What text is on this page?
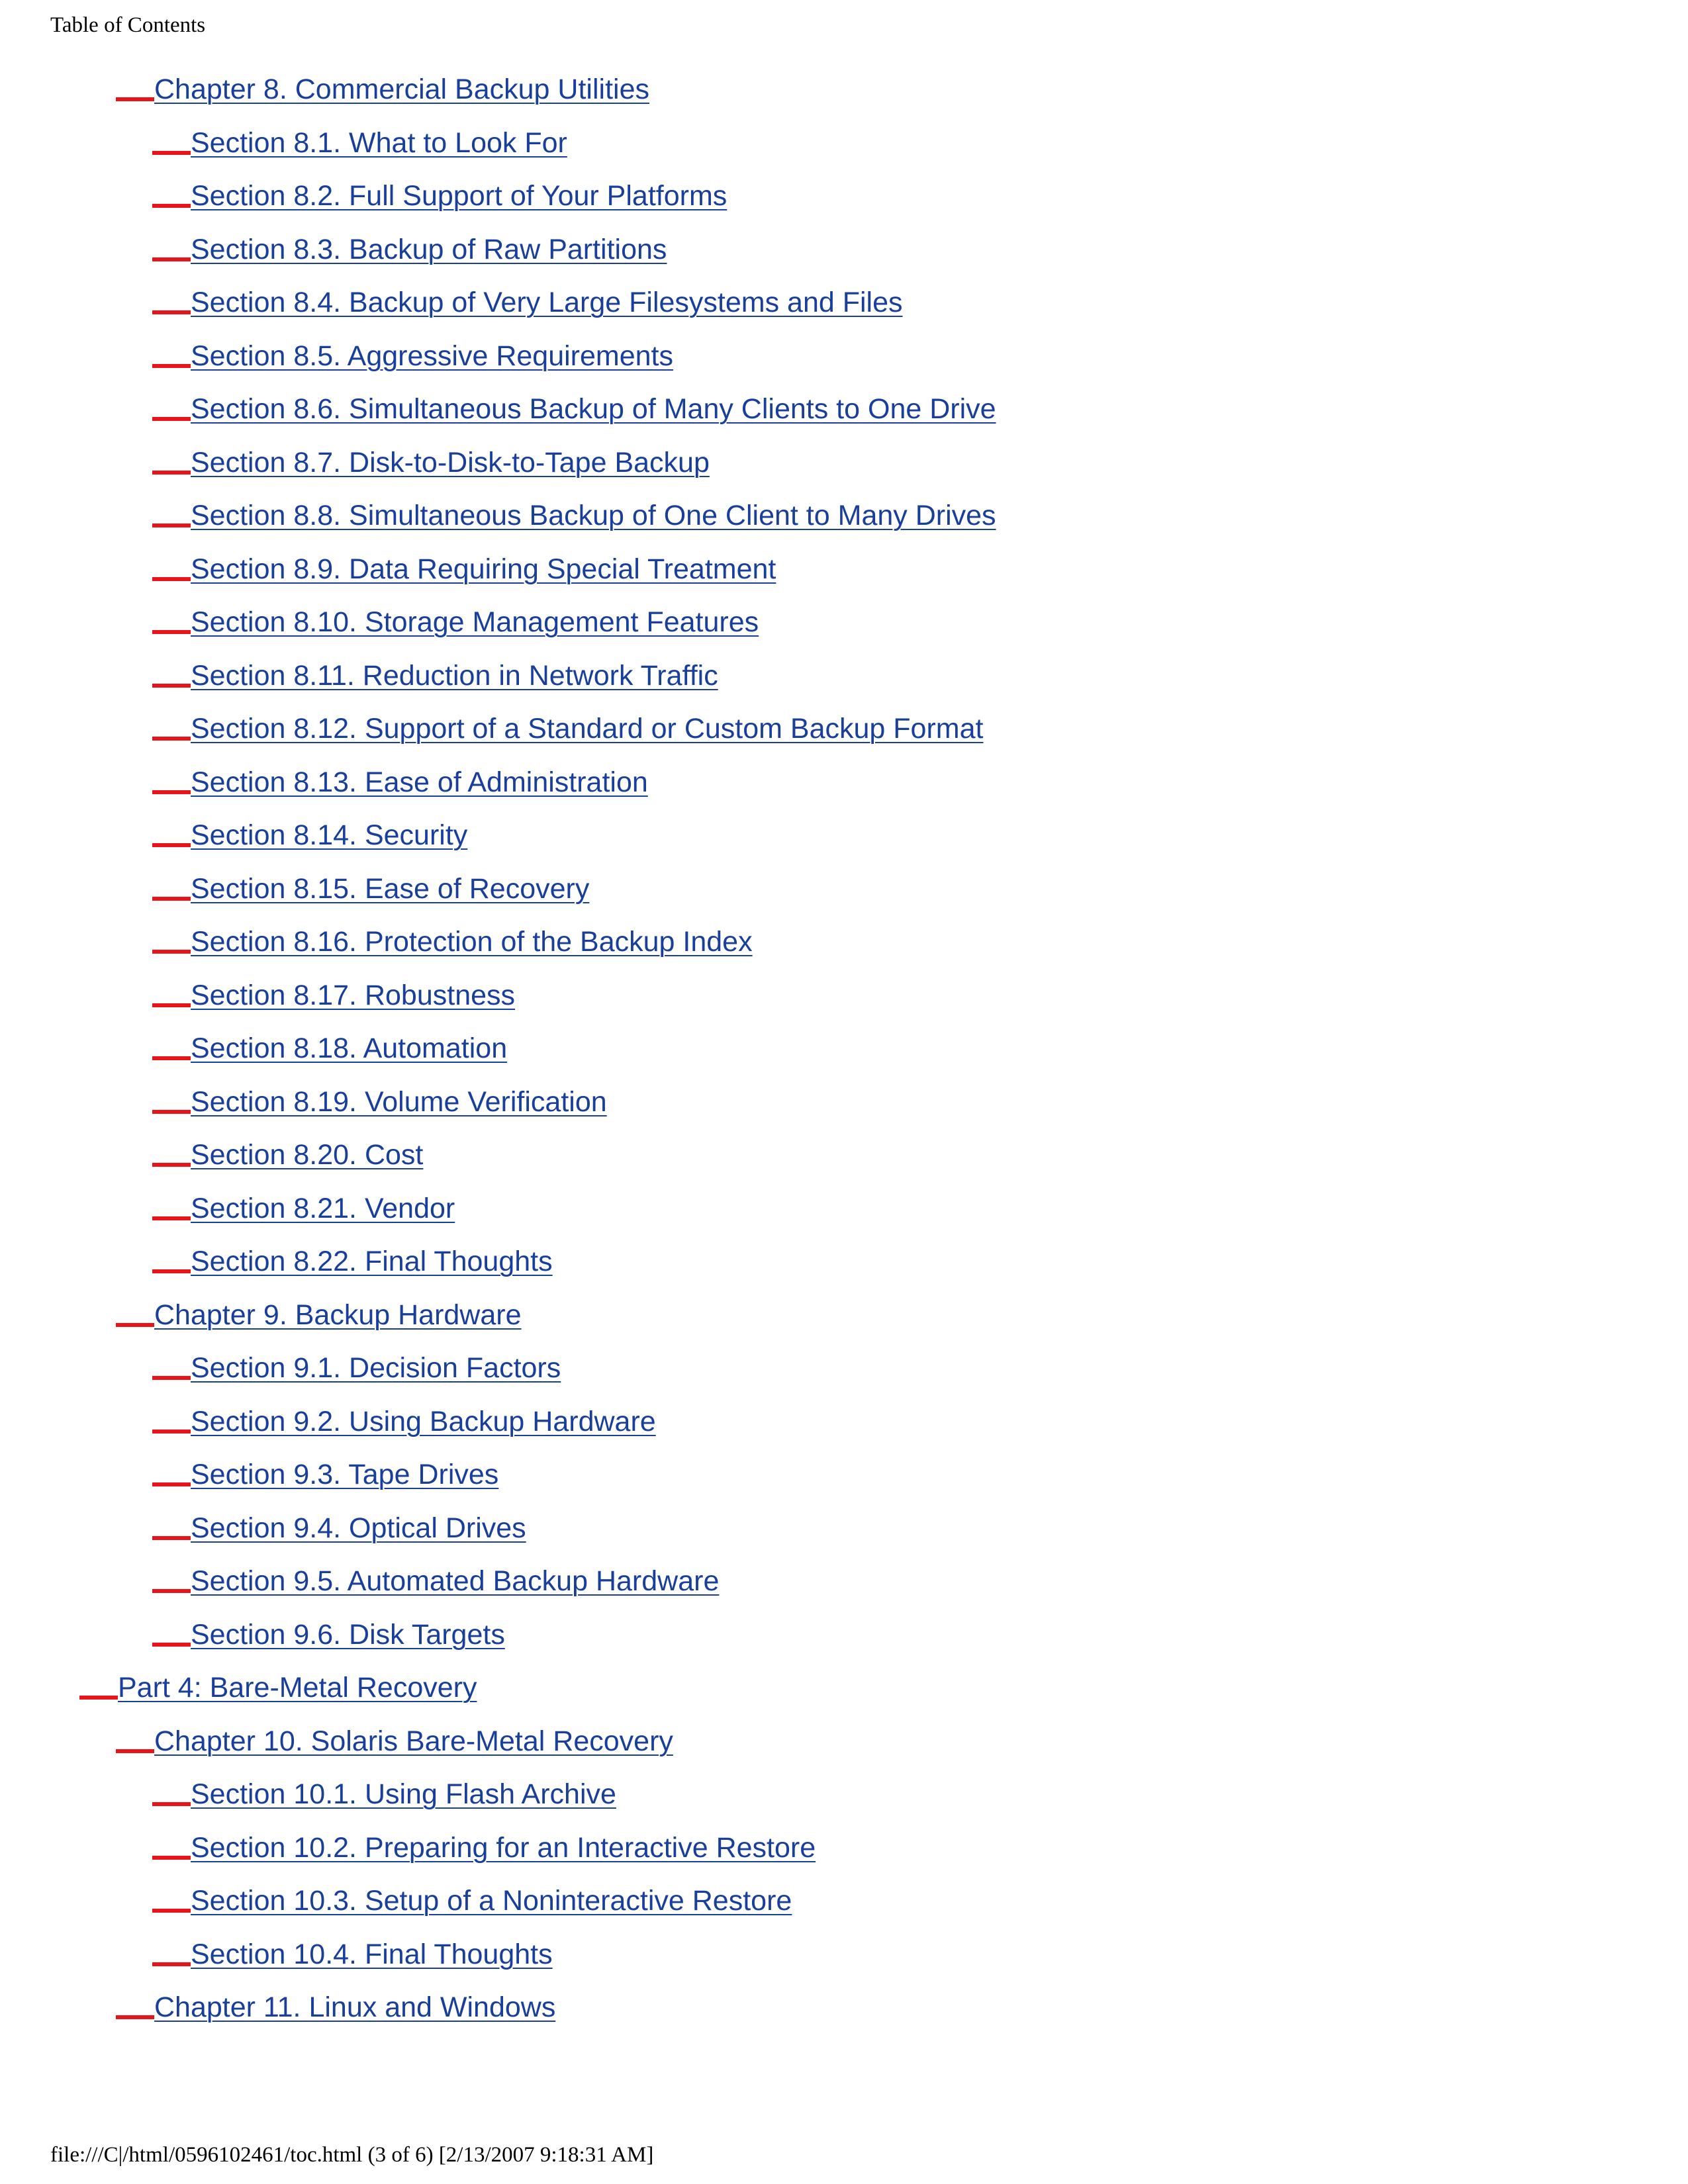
Table of Contents
Chapter 8. Commercial Backup Utilities
Section 8.1. What to Look For
Section 8.2. Full Support of Your Platforms
Section 8.3. Backup of Raw Partitions
Section 8.4. Backup of Very Large Filesystems and Files
Section 8.5. Aggressive Requirements
Section 8.6. Simultaneous Backup of Many Clients to One Drive
Section 8.7. Disk-to-Disk-to-Tape Backup
Section 8.8. Simultaneous Backup of One Client to Many Drives
Section 8.9. Data Requiring Special Treatment
Section 8.10. Storage Management Features
Section 8.11. Reduction in Network Traffic
Section 8.12. Support of a Standard or Custom Backup Format
Section 8.13. Ease of Administration
Section 8.14. Security
Section 8.15. Ease of Recovery
Section 8.16. Protection of the Backup Index
Section 8.17. Robustness
Section 8.18. Automation
Section 8.19. Volume Verification
Section 8.20. Cost
Section 8.21. Vendor
Section 8.22. Final Thoughts
Chapter 9. Backup Hardware
Section 9.1. Decision Factors
Section 9.2. Using Backup Hardware
Section 9.3. Tape Drives
Section 9.4. Optical Drives
Section 9.5. Automated Backup Hardware
Section 9.6. Disk Targets
Part 4: Bare-Metal Recovery
Chapter 10. Solaris Bare-Metal Recovery
Section 10.1. Using Flash Archive
Section 10.2. Preparing for an Interactive Restore
Section 10.3. Setup of a Noninteractive Restore
Section 10.4. Final Thoughts
Chapter 11. Linux and Windows
file:///C|/html/0596102461/toc.html (3 of 6) [2/13/2007 9:18:31 AM]
